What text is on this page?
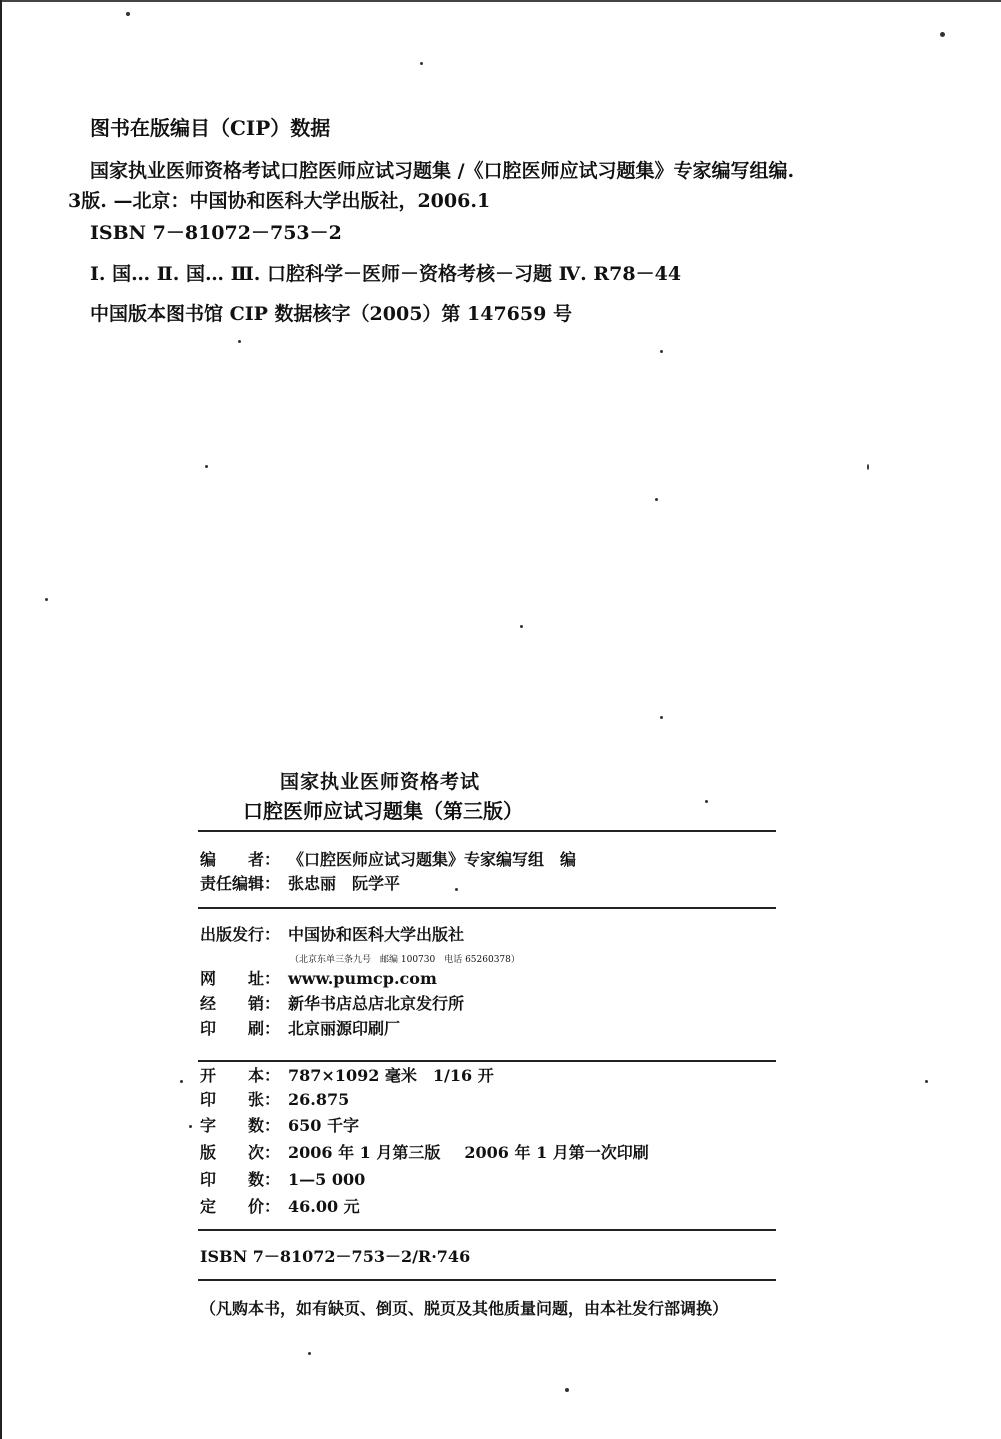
图书在版编目（CIP）数据
国家执业医师资格考试口腔医师应试习题集 /《口腔医师应试习题集》专家编写组编.
3版. —北京：中国协和医科大学出版社，2006.1
ISBN 7－81072－753－2
Ⅰ. 国… Ⅱ. 国… Ⅲ. 口腔科学－医师－资格考核－习题 Ⅳ. R78－44
中国版本图书馆 CIP 数据核字（2005）第 147659 号
国家执业医师资格考试
口腔医师应试习题集（第三版）
编　　者： 《口腔医师应试习题集》专家编写组　编
责任编辑： 张忠丽　阮学平
出版发行： 中国协和医科大学出版社
（北京东单三条九号　邮编 100730　电话 65260378）
网　　址： www.pumcp.com
经　　销： 新华书店总店北京发行所
印　　刷： 北京丽源印刷厂
开　　本： 787×1092 毫米　1/16 开
印　　张： 26.875
字　　数： 650 千字
版　　次： 2006 年 1 月第三版 2006 年 1 月第一次印刷
印　　数： 1—5 000
定　　价： 46.00 元
ISBN 7－81072－753－2/R·746
（凡购本书，如有缺页、倒页、脱页及其他质量问题，由本社发行部调换）
